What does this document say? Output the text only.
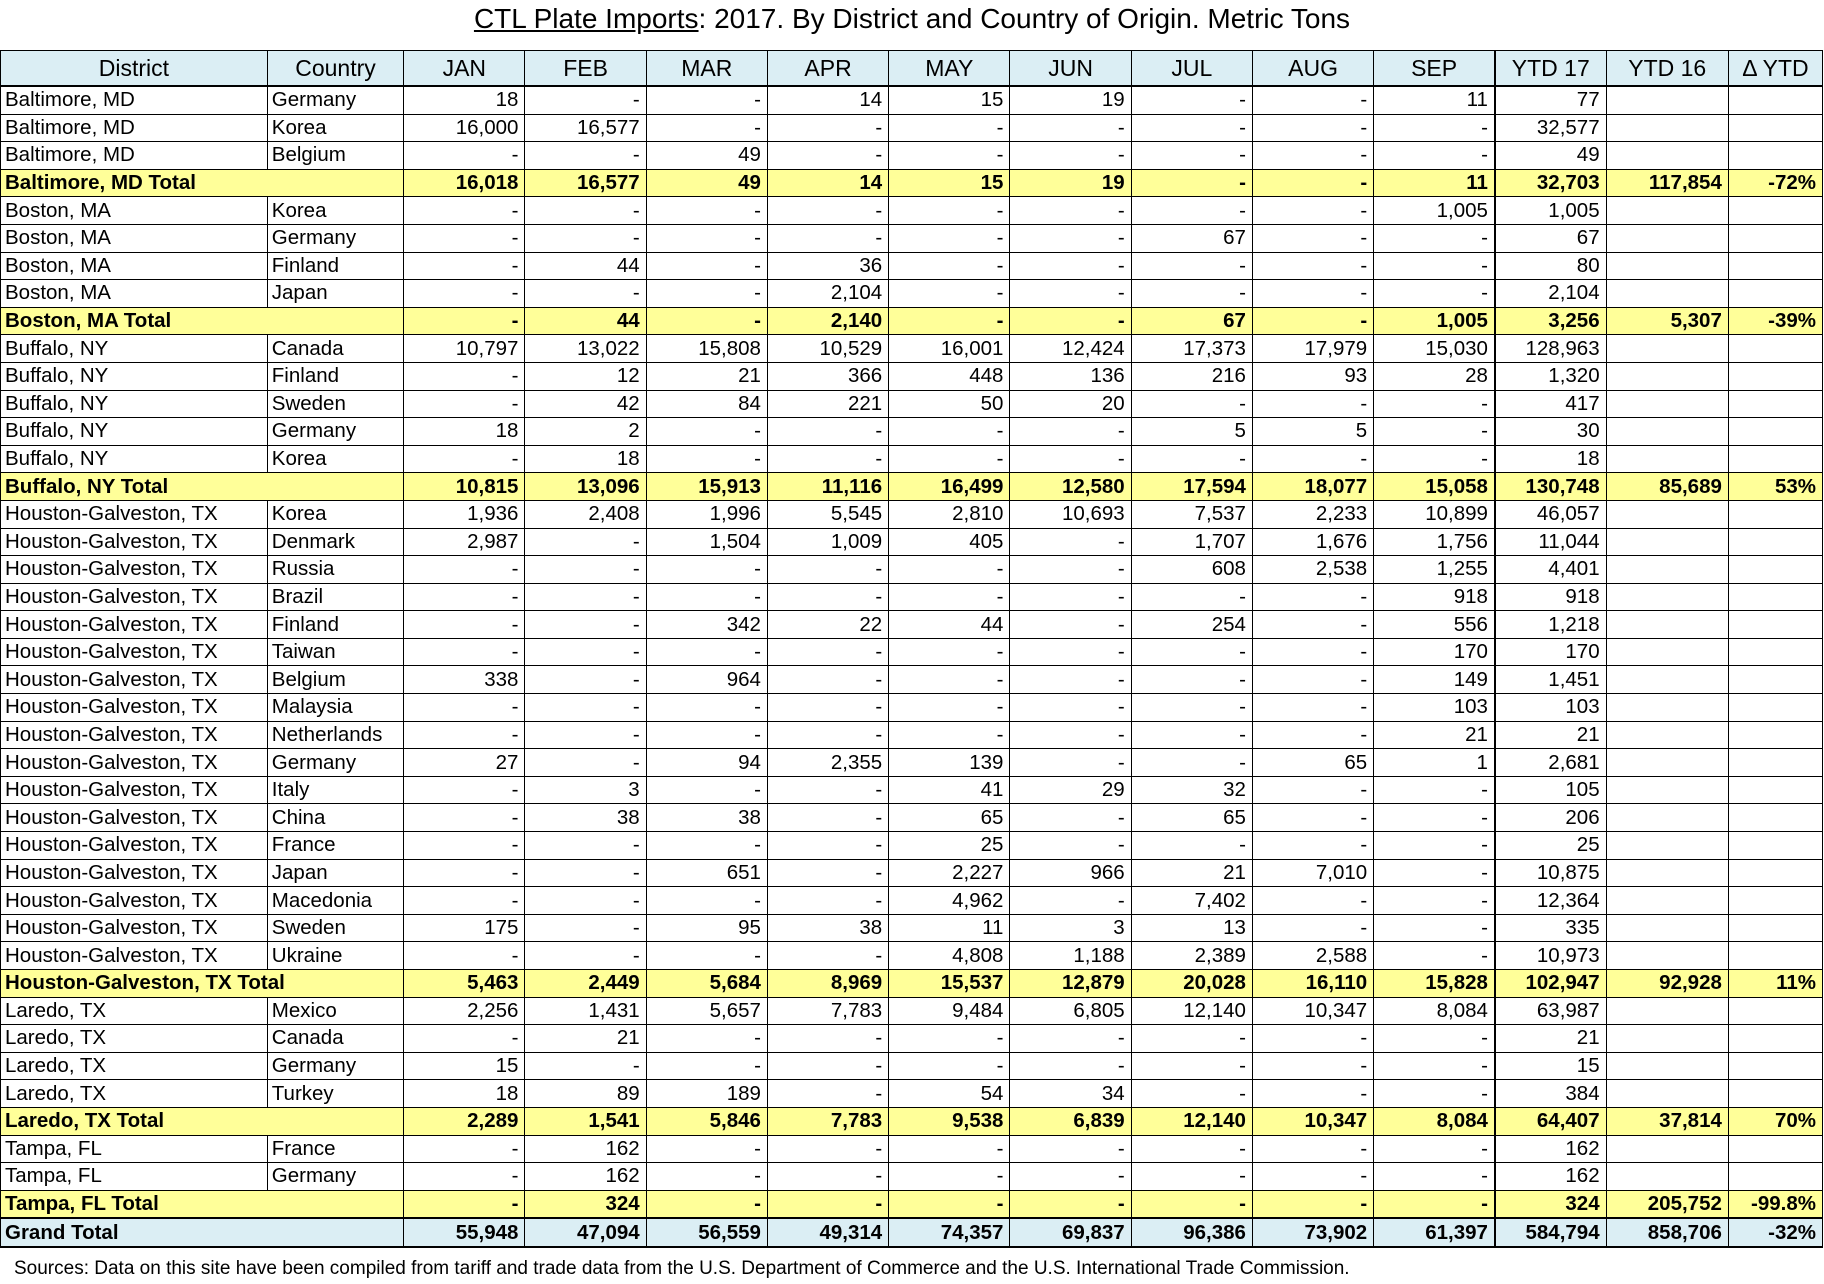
CTL Plate Imports: 2017. By District and Country of Origin. Metric Tons
District	Country	JAN	FEB	MAR	APR	MAY	JUN	JUL	AUG	SEP	YTD 17	YTD 16	Δ YTD
Baltimore, MD	Germany	18	-	-	14	15	19	-	-	11	77		
Baltimore, MD	Korea	16,000	16,577	-	-	-	-	-	-	-	32,577		
Baltimore, MD	Belgium	-	-	49	-	-	-	-	-	-	49		
Baltimore, MD Total		16,018	16,577	49	14	15	19	-	-	11	32,703	117,854	-72%
Boston, MA	Korea	-	-	-	-	-	-	-	-	1,005	1,005		
Boston, MA	Germany	-	-	-	-	-	-	67	-	-	67		
Boston, MA	Finland	-	44	-	36	-	-	-	-	-	80		
Boston, MA	Japan	-	-	-	2,104	-	-	-	-	-	2,104		
Boston, MA Total		-	44	-	2,140	-	-	67	-	1,005	3,256	5,307	-39%
Buffalo, NY	Canada	10,797	13,022	15,808	10,529	16,001	12,424	17,373	17,979	15,030	128,963		
Buffalo, NY	Finland	-	12	21	366	448	136	216	93	28	1,320		
Buffalo, NY	Sweden	-	42	84	221	50	20	-	-	-	417		
Buffalo, NY	Germany	18	2	-	-	-	-	5	5	-	30		
Buffalo, NY	Korea	-	18	-	-	-	-	-	-	-	18		
Buffalo, NY Total		10,815	13,096	15,913	11,116	16,499	12,580	17,594	18,077	15,058	130,748	85,689	53%
Houston-Galveston, TX	Korea	1,936	2,408	1,996	5,545	2,810	10,693	7,537	2,233	10,899	46,057		
Houston-Galveston, TX	Denmark	2,987	-	1,504	1,009	405	-	1,707	1,676	1,756	11,044		
Houston-Galveston, TX	Russia	-	-	-	-	-	-	608	2,538	1,255	4,401		
Houston-Galveston, TX	Brazil	-	-	-	-	-	-	-	-	918	918		
Houston-Galveston, TX	Finland	-	-	342	22	44	-	254	-	556	1,218		
Houston-Galveston, TX	Taiwan	-	-	-	-	-	-	-	-	170	170		
Houston-Galveston, TX	Belgium	338	-	964	-	-	-	-	-	149	1,451		
Houston-Galveston, TX	Malaysia	-	-	-	-	-	-	-	-	103	103		
Houston-Galveston, TX	Netherlands	-	-	-	-	-	-	-	-	21	21		
Houston-Galveston, TX	Germany	27	-	94	2,355	139	-	-	65	1	2,681		
Houston-Galveston, TX	Italy	-	3	-	-	41	29	32	-	-	105		
Houston-Galveston, TX	China	-	38	38	-	65	-	65	-	-	206		
Houston-Galveston, TX	France	-	-	-	-	25	-	-	-	-	25		
Houston-Galveston, TX	Japan	-	-	651	-	2,227	966	21	7,010	-	10,875		
Houston-Galveston, TX	Macedonia	-	-	-	-	4,962	-	7,402	-	-	12,364		
Houston-Galveston, TX	Sweden	175	-	95	38	11	3	13	-	-	335		
Houston-Galveston, TX	Ukraine	-	-	-	-	4,808	1,188	2,389	2,588	-	10,973		
Houston-Galveston, TX Total		5,463	2,449	5,684	8,969	15,537	12,879	20,028	16,110	15,828	102,947	92,928	11%
Laredo, TX	Mexico	2,256	1,431	5,657	7,783	9,484	6,805	12,140	10,347	8,084	63,987		
Laredo, TX	Canada	-	21	-	-	-	-	-	-	-	21		
Laredo, TX	Germany	15	-	-	-	-	-	-	-	-	15		
Laredo, TX	Turkey	18	89	189	-	54	34	-	-	-	384		
Laredo, TX Total		2,289	1,541	5,846	7,783	9,538	6,839	12,140	10,347	8,084	64,407	37,814	70%
Tampa, FL	France	-	162	-	-	-	-	-	-	-	162		
Tampa, FL	Germany	-	162	-	-	-	-	-	-	-	162		
Tampa, FL Total		-	324	-	-	-	-	-	-	-	324	205,752	-99.8%
Grand Total		55,948	47,094	56,559	49,314	74,357	69,837	96,386	73,902	61,397	584,794	858,706	-32%
Sources: Data on this site have been compiled from tariff and trade data from the U.S. Department of Commerce and the U.S. International Trade Commission.
